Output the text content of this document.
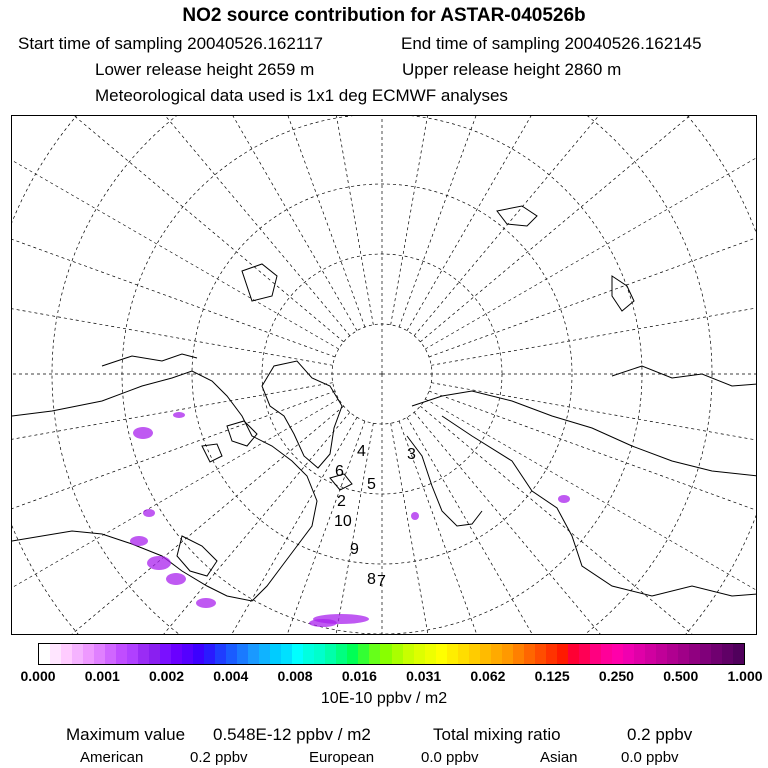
NO2 source contribution for ASTAR-040526b
Start time of sampling 20040526.162117	End time of sampling 20040526.162145
Lower release height 2659 m	Upper release height 2860 m
Meteorological data used is 1x1 deg ECMWF analyses
4	3
5
6
2
10
9
8 7
0.000 0.001 0.002 0.004 0.008 0.016 0.031 0.062 0.125 0.250 0.500 1.000
10E-10 ppbv / m2
Maximum value 0.548E-12 ppbv / m2	Total mixing ratio	0.2 ppbv
American	0.2 ppbv	European	0.0 ppbv	Asian	0.0 ppbv
